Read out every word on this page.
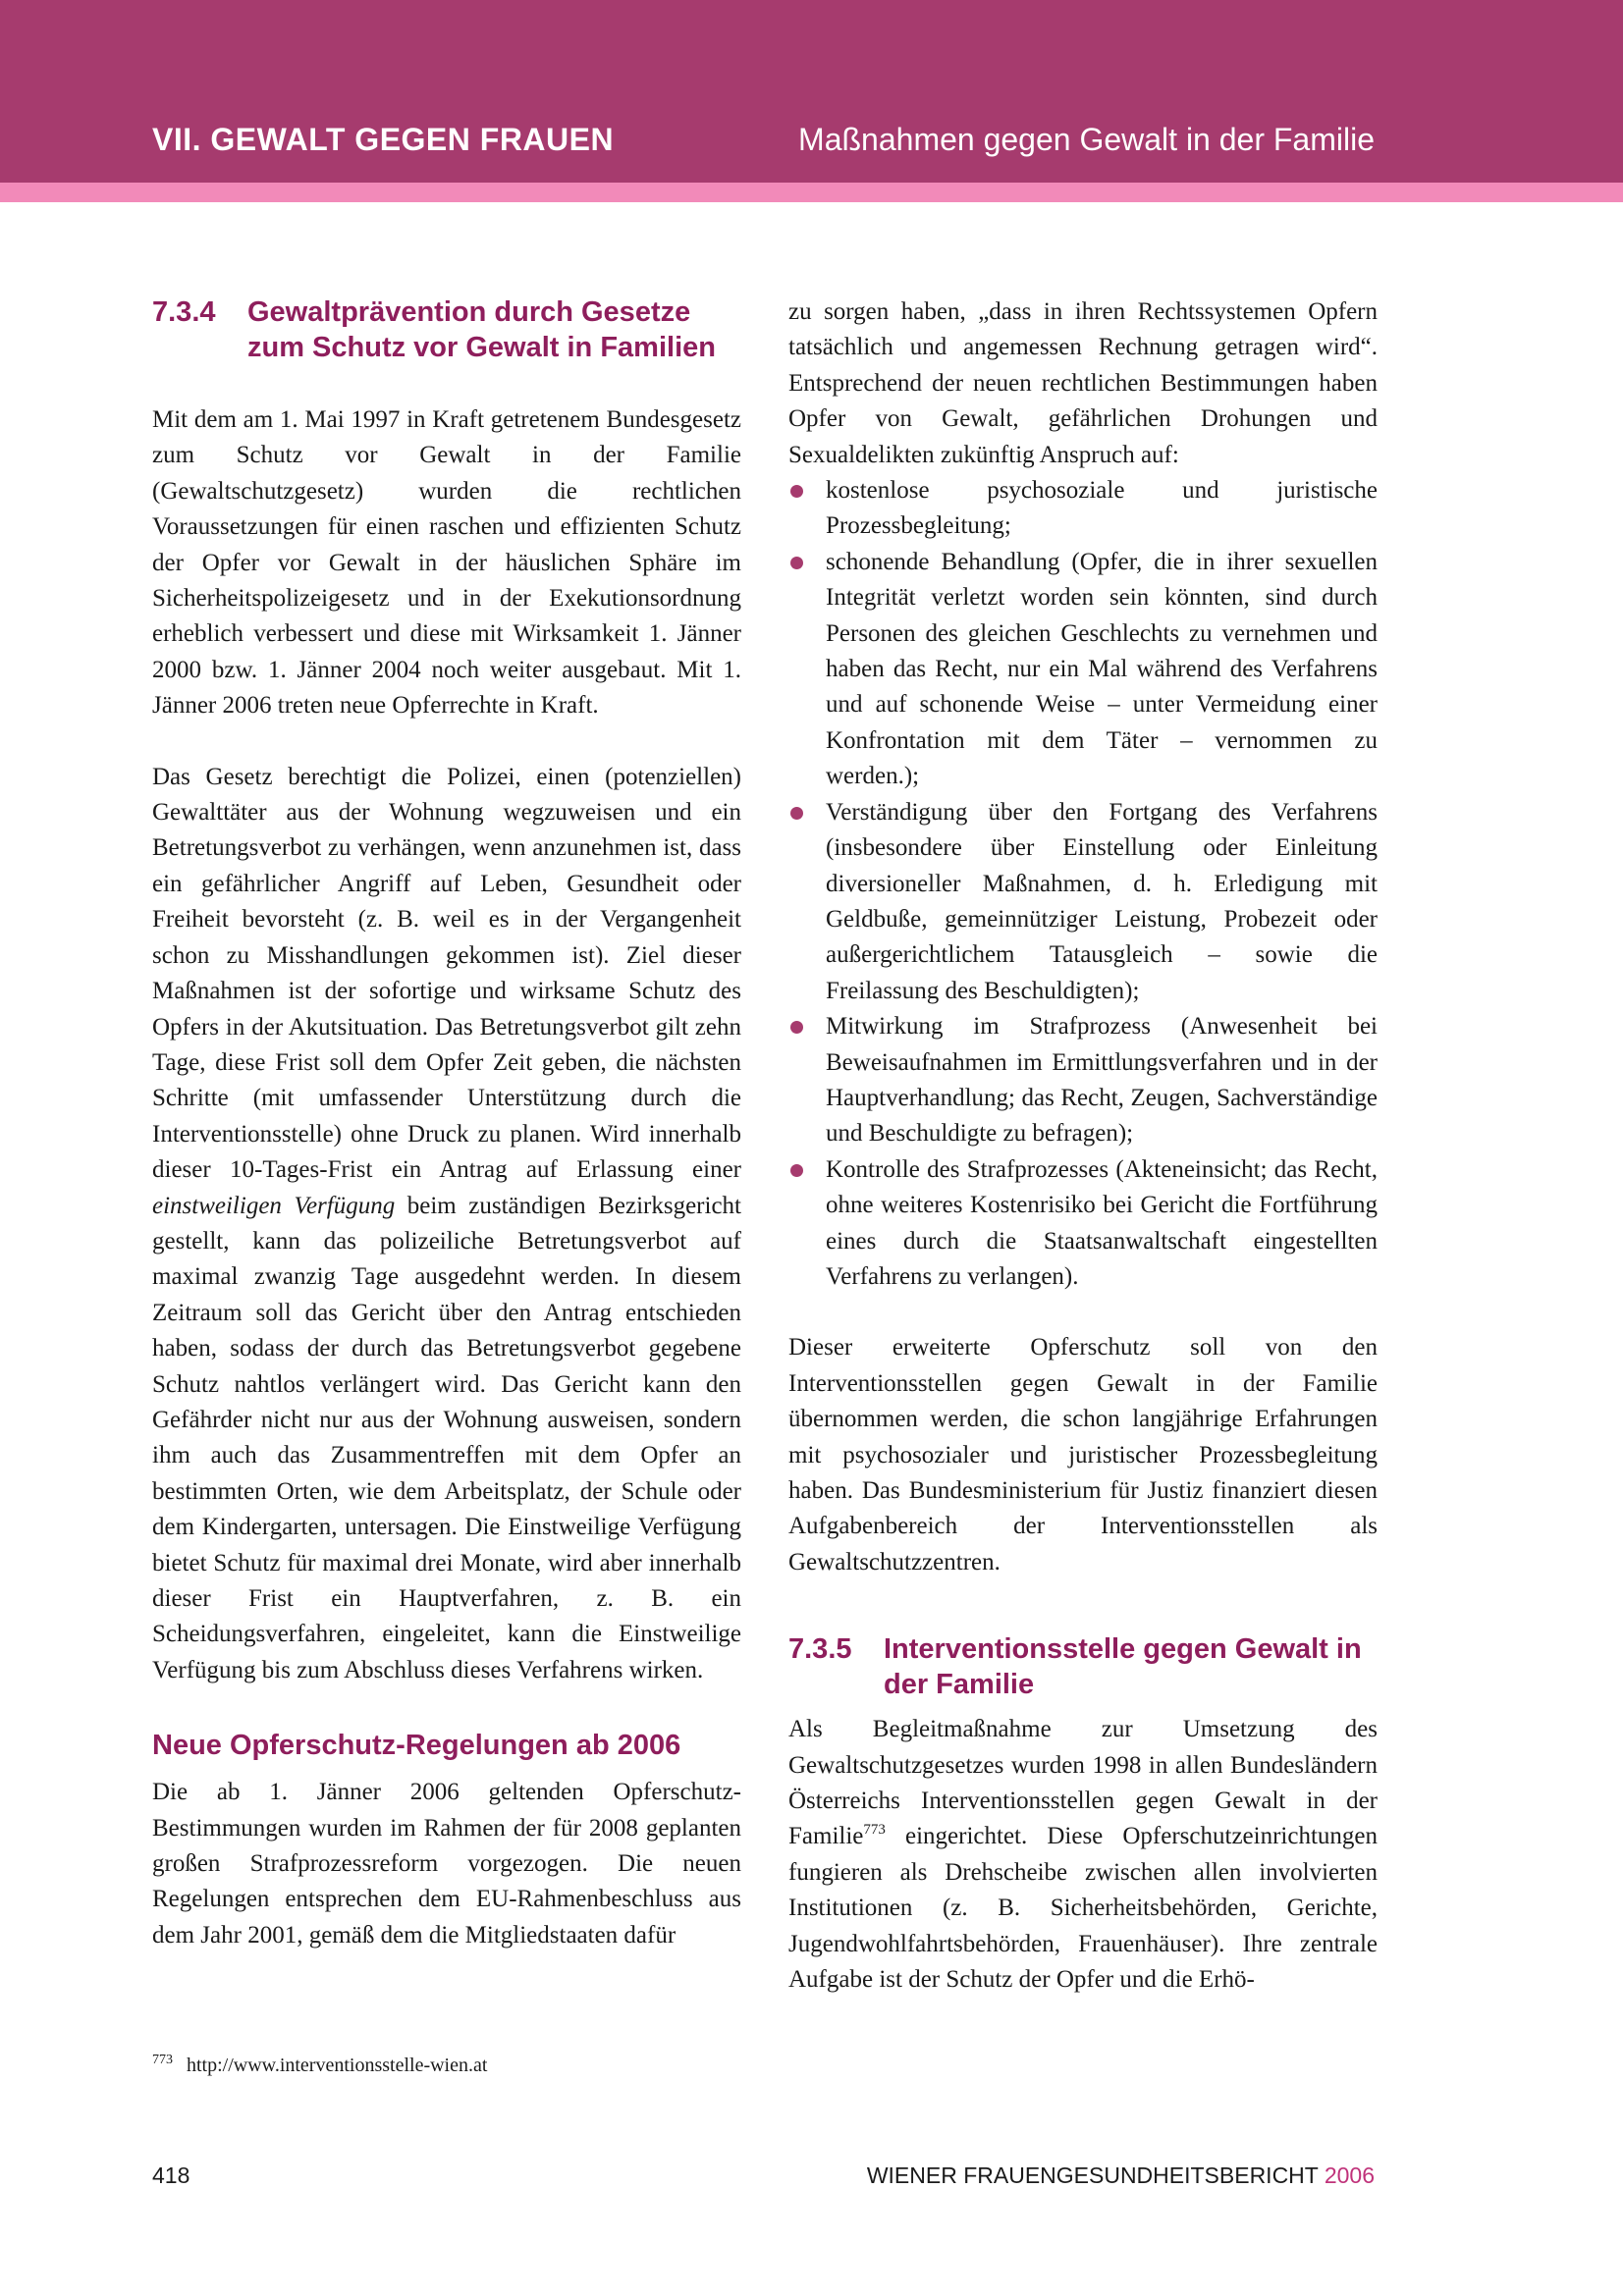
VII. GEWALT GEGEN FRAUEN	Maßnahmen gegen Gewalt in der Familie
7.3.4	Gewaltprävention durch Gesetze zum Schutz vor Gewalt in Familien

Mit dem am 1. Mai 1997 in Kraft getretenem Bundesgesetz zum Schutz vor Gewalt in der Familie (Gewaltschutzgesetz) wurden die rechtlichen Voraussetzungen für einen raschen und effizienten Schutz der Opfer vor Gewalt in der häuslichen Sphäre im Sicherheitspolizeigesetz und in der Exekutionsordnung erheblich verbessert und diese mit Wirksamkeit 1. Jänner 2000 bzw. 1. Jänner 2004 noch weiter ausgebaut. Mit 1. Jänner 2006 treten neue Opferrechte in Kraft.

Das Gesetz berechtigt die Polizei, einen (potenziellen) Gewalttäter aus der Wohnung wegzuweisen und ein Betretungsverbot zu verhängen, wenn anzunehmen ist, dass ein gefährlicher Angriff auf Leben, Gesundheit oder Freiheit bevorsteht (z. B. weil es in der Vergangenheit schon zu Misshandlungen gekommen ist). Ziel dieser Maßnahmen ist der sofortige und wirksame Schutz des Opfers in der Akutsituation. Das Betretungsverbot gilt zehn Tage, diese Frist soll dem Opfer Zeit geben, die nächsten Schritte (mit umfassender Unterstützung durch die Interventionsstelle) ohne Druck zu planen. Wird innerhalb dieser 10-Tages-Frist ein Antrag auf Erlassung einer einstweiligen Verfügung beim zuständigen Bezirksgericht gestellt, kann das polizeiliche Betretungsverbot auf maximal zwanzig Tage ausgedehnt werden. In diesem Zeitraum soll das Gericht über den Antrag entschieden haben, sodass der durch das Betretungsverbot gegebene Schutz nahtlos verlängert wird. Das Gericht kann den Gefährder nicht nur aus der Wohnung ausweisen, sondern ihm auch das Zusammentreffen mit dem Opfer an bestimmten Orten, wie dem Arbeitsplatz, der Schule oder dem Kindergarten, untersagen. Die Einstweilige Verfügung bietet Schutz für maximal drei Monate, wird aber innerhalb dieser Frist ein Hauptverfahren, z. B. ein Scheidungsverfahren, eingeleitet, kann die Einstweilige Verfügung bis zum Abschluss dieses Verfahrens wirken.

Neue Opferschutz-Regelungen ab 2006

Die ab 1. Jänner 2006 geltenden Opferschutz-Bestimmungen wurden im Rahmen der für 2008 geplanten großen Strafprozessreform vorgezogen. Die neuen Regelungen entsprechen dem EU-Rahmenbeschluss aus dem Jahr 2001, gemäß dem die Mitgliedstaaten dafür

zu sorgen haben, „dass in ihren Rechtssystemen Opfern tatsächlich und angemessen Rechnung getragen wird“. Entsprechend der neuen rechtlichen Bestimmungen haben Opfer von Gewalt, gefährlichen Drohungen und Sexualdelikten zukünftig Anspruch auf:

kostenlose psychosoziale und juristische Prozessbegleitung;
schonende Behandlung (Opfer, die in ihrer sexuellen Integrität verletzt worden sein könnten, sind durch Personen des gleichen Geschlechts zu vernehmen und haben das Recht, nur ein Mal während des Verfahrens und auf schonende Weise – unter Vermeidung einer Konfrontation mit dem Täter – vernommen zu werden.);
Verständigung über den Fortgang des Verfahrens (insbesondere über Einstellung oder Einleitung diversioneller Maßnahmen, d. h. Erledigung mit Geldbuße, gemeinnütziger Leistung, Probezeit oder außergerichtlichem Tatausgleich – sowie die Freilassung des Beschuldigten);
Mitwirkung im Strafprozess (Anwesenheit bei Beweisaufnahmen im Ermittlungsverfahren und in der Hauptverhandlung; das Recht, Zeugen, Sachverständige und Beschuldigte zu befragen);
Kontrolle des Strafprozesses (Akteneinsicht; das Recht, ohne weiteres Kostenrisiko bei Gericht die Fortführung eines durch die Staatsanwaltschaft eingestellten Verfahrens zu verlangen).

Dieser erweiterte Opferschutz soll von den Interventionsstellen gegen Gewalt in der Familie übernommen werden, die schon langjährige Erfahrungen mit psychosozialer und juristischer Prozessbegleitung haben. Das Bundesministerium für Justiz finanziert diesen Aufgabenbereich der Interventionsstellen als Gewaltschutzzentren.

7.3.5	Interventionsstelle gegen Gewalt in der Familie

Als Begleitmaßnahme zur Umsetzung des Gewaltschutzgesetzes wurden 1998 in allen Bundesländern Österreichs Interventionsstellen gegen Gewalt in der Familie$^{773}$ eingerichtet. Diese Opferschutzeinrichtungen fungieren als Drehscheibe zwischen allen involvierten Institutionen (z. B. Sicherheitsbehörden, Gerichte, Jugendwohlfahrtsbehörden, Frauenhäuser). Ihre zentrale Aufgabe ist der Schutz der Opfer und die Erhö-

$^{773}$ http://www.interventionsstelle-wien.at
418	WIENER FRAUENGESUNDHEITSBERICHT 2006
